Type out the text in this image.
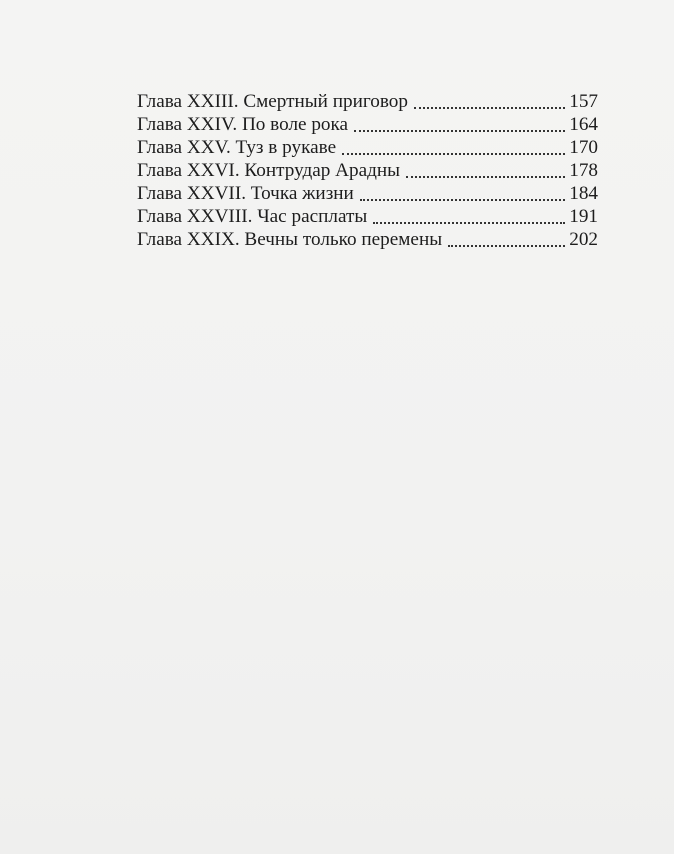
Глава XXIII. Смертный приговор	157
Глава XXIV. По воле рока	164
Глава XXV. Туз в рукаве	170
Глава XXVI. Контрудар Арадны	178
Глава XXVII. Точка жизни	184
Глава XXVIII. Час расплаты	191
Глава XXIX. Вечны только перемены	202
